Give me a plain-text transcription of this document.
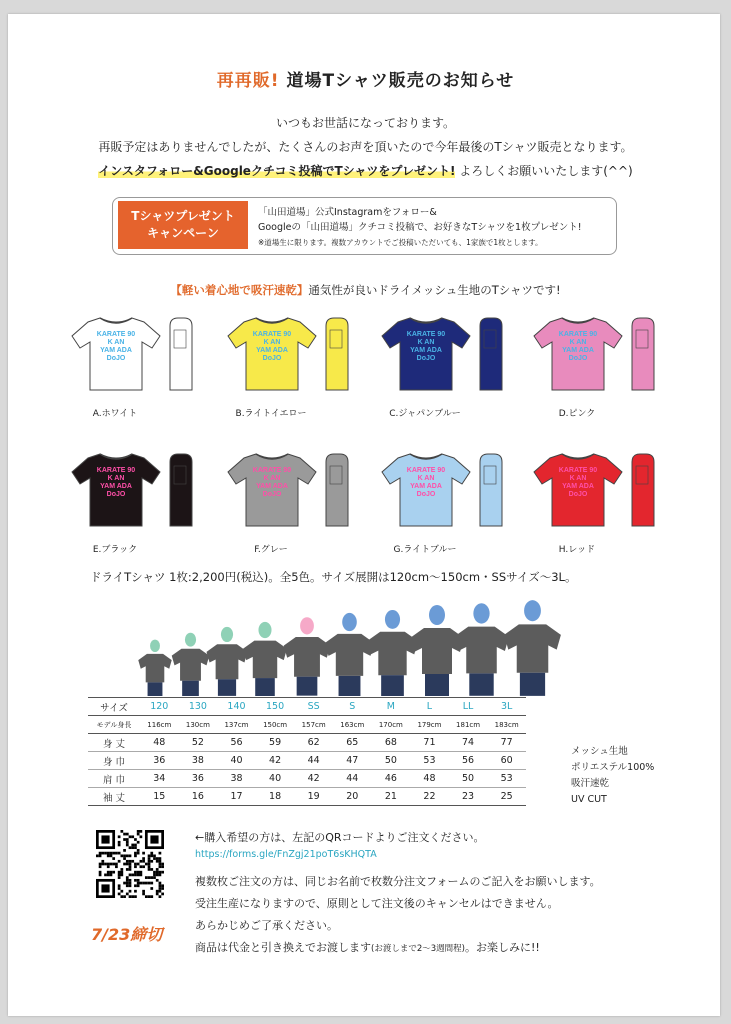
再再販! 道場Tシャツ販売のお知らせ
いつもお世話になっております。
再販予定はありませんでしたが、たくさんのお声を頂いたので今年最後のTシャツ販売となります。
インスタフォロー&Googleクチコミ投稿でTシャツをプレゼント! よろしくお願いいたします(^^)
Tシャツプレゼント
キャンペーン
「山田道場」公式Instagramをフォロー&
Googleの「山田道場」クチコミ投稿で、お好きなTシャツを1枚プレゼント!
※道場生に限ります。複数アカウントでご投稿いただいても、1家族で1枚とします。
【軽い着心地で吸汗速乾】通気性が良いドライメッシュ生地のTシャツです!
KARATE 90
K AN
YAM ADA
DoJO
A.ホワイト
KARATE 90
K AN
YAM ADA
DoJO
B.ライトイエロー
KARATE 90
K AN
YAM ADA
DoJO
C.ジャパンブルー
KARATE 90
K AN
YAM ADA
DoJO
D.ピンク
KARATE 90
K AN
YAM ADA
DoJO
E.ブラック
KARATE 90
K AN
YAM ADA
DoJO
F.グレー
KARATE 90
K AN
YAM ADA
DoJO
G.ライトブルー
KARATE 90
K AN
YAM ADA
DoJO
H.レッド
ドライTシャツ 1枚:2,200円(税込)。全5色。サイズ展開は120cm〜150cm・SSサイズ〜3L。
サイズ	120	130	140	150	SS	S	M	L	LL	3L
モデル身長	116cm	130cm	137cm	150cm	157cm	163cm	170cm	179cm	181cm	183cm
身 丈	48	52	56	59	62	65	68	71	74	77
身 巾	36	38	40	42	44	47	50	53	56	60
肩 巾	34	36	38	40	42	44	46	48	50	53
袖 丈	15	16	17	18	19	20	21	22	23	25
メッシュ生地
ポリエステル100%
吸汗速乾
UV CUT
7/23締切
←購入希望の方は、左記のQRコードよりご注文ください。
https://forms.gle/FnZgj21poT6sKHQTA
複数枚ご注文の方は、同じお名前で枚数分注文フォームのご記入をお願いします。
受注生産になりますので、原則として注文後のキャンセルはできません。
あらかじめご了承ください。
商品は代金と引き換えでお渡します(お渡しまで2〜3週間程)。お楽しみに!!
